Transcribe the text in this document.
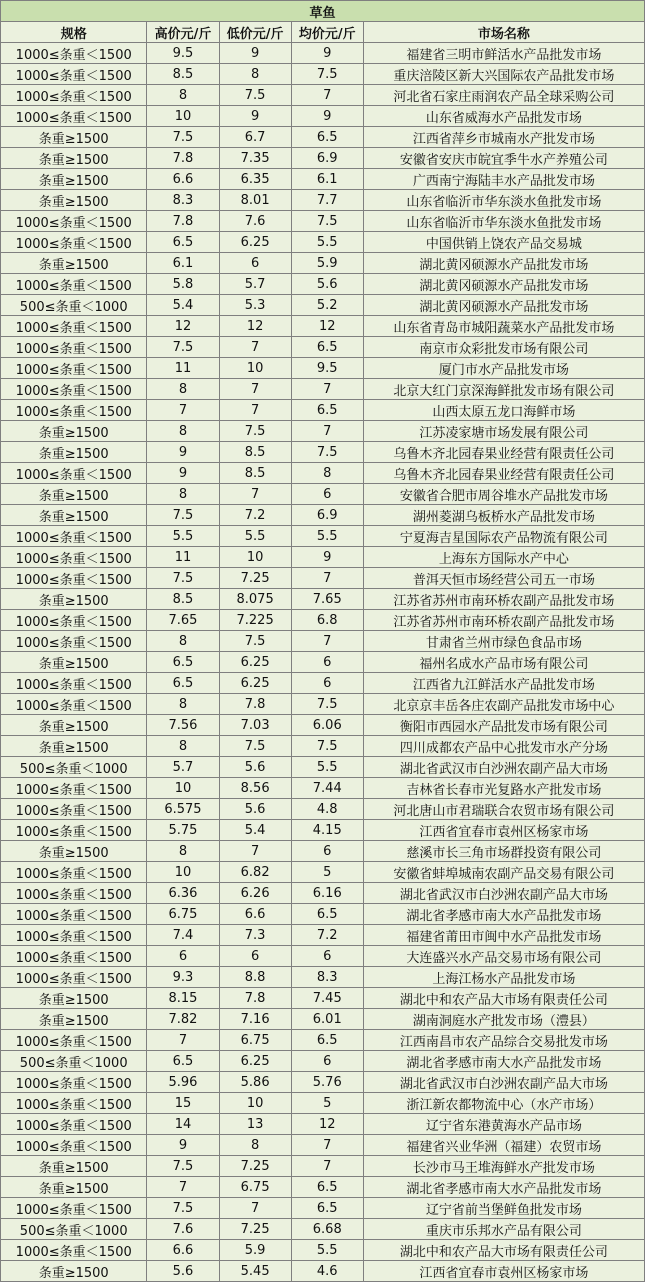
草鱼				
规格	高价元/斤	低价元/斤	均价元/斤	市场名称
1000≤条重＜1500	9.5	9	9	福建省三明市鲜活水产品批发市场
1000≤条重＜1500	8.5	8	7.5	重庆涪陵区新大兴国际农产品批发市场
1000≤条重＜1500	8	7.5	7	河北省石家庄雨润农产品全球采购公司
1000≤条重＜1500	10	9	9	山东省威海水产品批发市场
条重≥1500	7.5	6.7	6.5	江西省萍乡市城南水产批发市场
条重≥1500	7.8	7.35	6.9	安徽省安庆市皖宜季牛水产养殖公司
条重≥1500	6.6	6.35	6.1	广西南宁海陆丰水产品批发市场
条重≥1500	8.3	8.01	7.7	山东省临沂市华东淡水鱼批发市场
1000≤条重＜1500	7.8	7.6	7.5	山东省临沂市华东淡水鱼批发市场
1000≤条重＜1500	6.5	6.25	5.5	中国供销上饶农产品交易城
条重≥1500	6.1	6	5.9	湖北黄冈硕源水产品批发市场
1000≤条重＜1500	5.8	5.7	5.6	湖北黄冈硕源水产品批发市场
500≤条重＜1000	5.4	5.3	5.2	湖北黄冈硕源水产品批发市场
1000≤条重＜1500	12	12	12	山东省青岛市城阳蔬菜水产品批发市场
1000≤条重＜1500	7.5	7	6.5	南京市众彩批发市场有限公司
1000≤条重＜1500	11	10	9.5	厦门市水产品批发市场
1000≤条重＜1500	8	7	7	北京大红门京深海鲜批发市场有限公司
1000≤条重＜1500	7	7	6.5	山西太原五龙口海鲜市场
条重≥1500	8	7.5	7	江苏凌家塘市场发展有限公司
条重≥1500	9	8.5	7.5	乌鲁木齐北园春果业经营有限责任公司
1000≤条重＜1500	9	8.5	8	乌鲁木齐北园春果业经营有限责任公司
条重≥1500	8	7	6	安徽省合肥市周谷堆水产品批发市场
条重≥1500	7.5	7.2	6.9	湖州菱湖乌板桥水产品批发市场
1000≤条重＜1500	5.5	5.5	5.5	宁夏海吉星国际农产品物流有限公司
1000≤条重＜1500	11	10	9	上海东方国际水产中心
1000≤条重＜1500	7.5	7.25	7	普洱天恒市场经营公司五一市场
条重≥1500	8.5	8.075	7.65	江苏省苏州市南环桥农副产品批发市场
1000≤条重＜1500	7.65	7.225	6.8	江苏省苏州市南环桥农副产品批发市场
1000≤条重＜1500	8	7.5	7	甘肃省兰州市绿色食品市场
条重≥1500	6.5	6.25	6	福州名成水产品市场有限公司
1000≤条重＜1500	6.5	6.25	6	江西省九江鲜活水产品批发市场
1000≤条重＜1500	8	7.8	7.5	北京京丰岳各庄农副产品批发市场中心
条重≥1500	7.56	7.03	6.06	衡阳市西园水产品批发市场有限公司
条重≥1500	8	7.5	7.5	四川成都农产品中心批发市水产分场
500≤条重＜1000	5.7	5.6	5.5	湖北省武汉市白沙洲农副产品大市场
1000≤条重＜1500	10	8.56	7.44	吉林省长春市光复路水产批发市场
1000≤条重＜1500	6.575	5.6	4.8	河北唐山市君瑞联合农贸市场有限公司
1000≤条重＜1500	5.75	5.4	4.15	江西省宜春市袁州区杨家市场
条重≥1500	8	7	6	慈溪市长三角市场群投资有限公司
1000≤条重＜1500	10	6.82	5	安徽省蚌埠城南农副产品交易有限公司
1000≤条重＜1500	6.36	6.26	6.16	湖北省武汉市白沙洲农副产品大市场
1000≤条重＜1500	6.75	6.6	6.5	湖北省孝感市南大水产品批发市场
1000≤条重＜1500	7.4	7.3	7.2	福建省莆田市闽中水产品批发市场
1000≤条重＜1500	6	6	6	大连盛兴水产品交易市场有限公司
1000≤条重＜1500	9.3	8.8	8.3	上海江杨水产品批发市场
条重≥1500	8.15	7.8	7.45	湖北中和农产品大市场有限责任公司
条重≥1500	7.82	7.16	6.01	湖南洞庭水产批发市场（澧县）
1000≤条重＜1500	7	6.75	6.5	江西南昌市农产品综合交易批发市场
500≤条重＜1000	6.5	6.25	6	湖北省孝感市南大水产品批发市场
1000≤条重＜1500	5.96	5.86	5.76	湖北省武汉市白沙洲农副产品大市场
1000≤条重＜1500	15	10	5	浙江新农都物流中心（水产市场）
1000≤条重＜1500	14	13	12	辽宁省东港黄海水产品市场
1000≤条重＜1500	9	8	7	福建省兴业华洲（福建）农贸市场
条重≥1500	7.5	7.25	7	长沙市马王堆海鲜水产批发市场
条重≥1500	7	6.75	6.5	湖北省孝感市南大水产品批发市场
1000≤条重＜1500	7.5	7	6.5	辽宁省前当堡鲜鱼批发市场
500≤条重＜1000	7.6	7.25	6.68	重庆市乐邦水产品有限公司
1000≤条重＜1500	6.6	5.9	5.5	湖北中和农产品大市场有限责任公司
条重≥1500	5.6	5.45	4.6	江西省宜春市袁州区杨家市场
